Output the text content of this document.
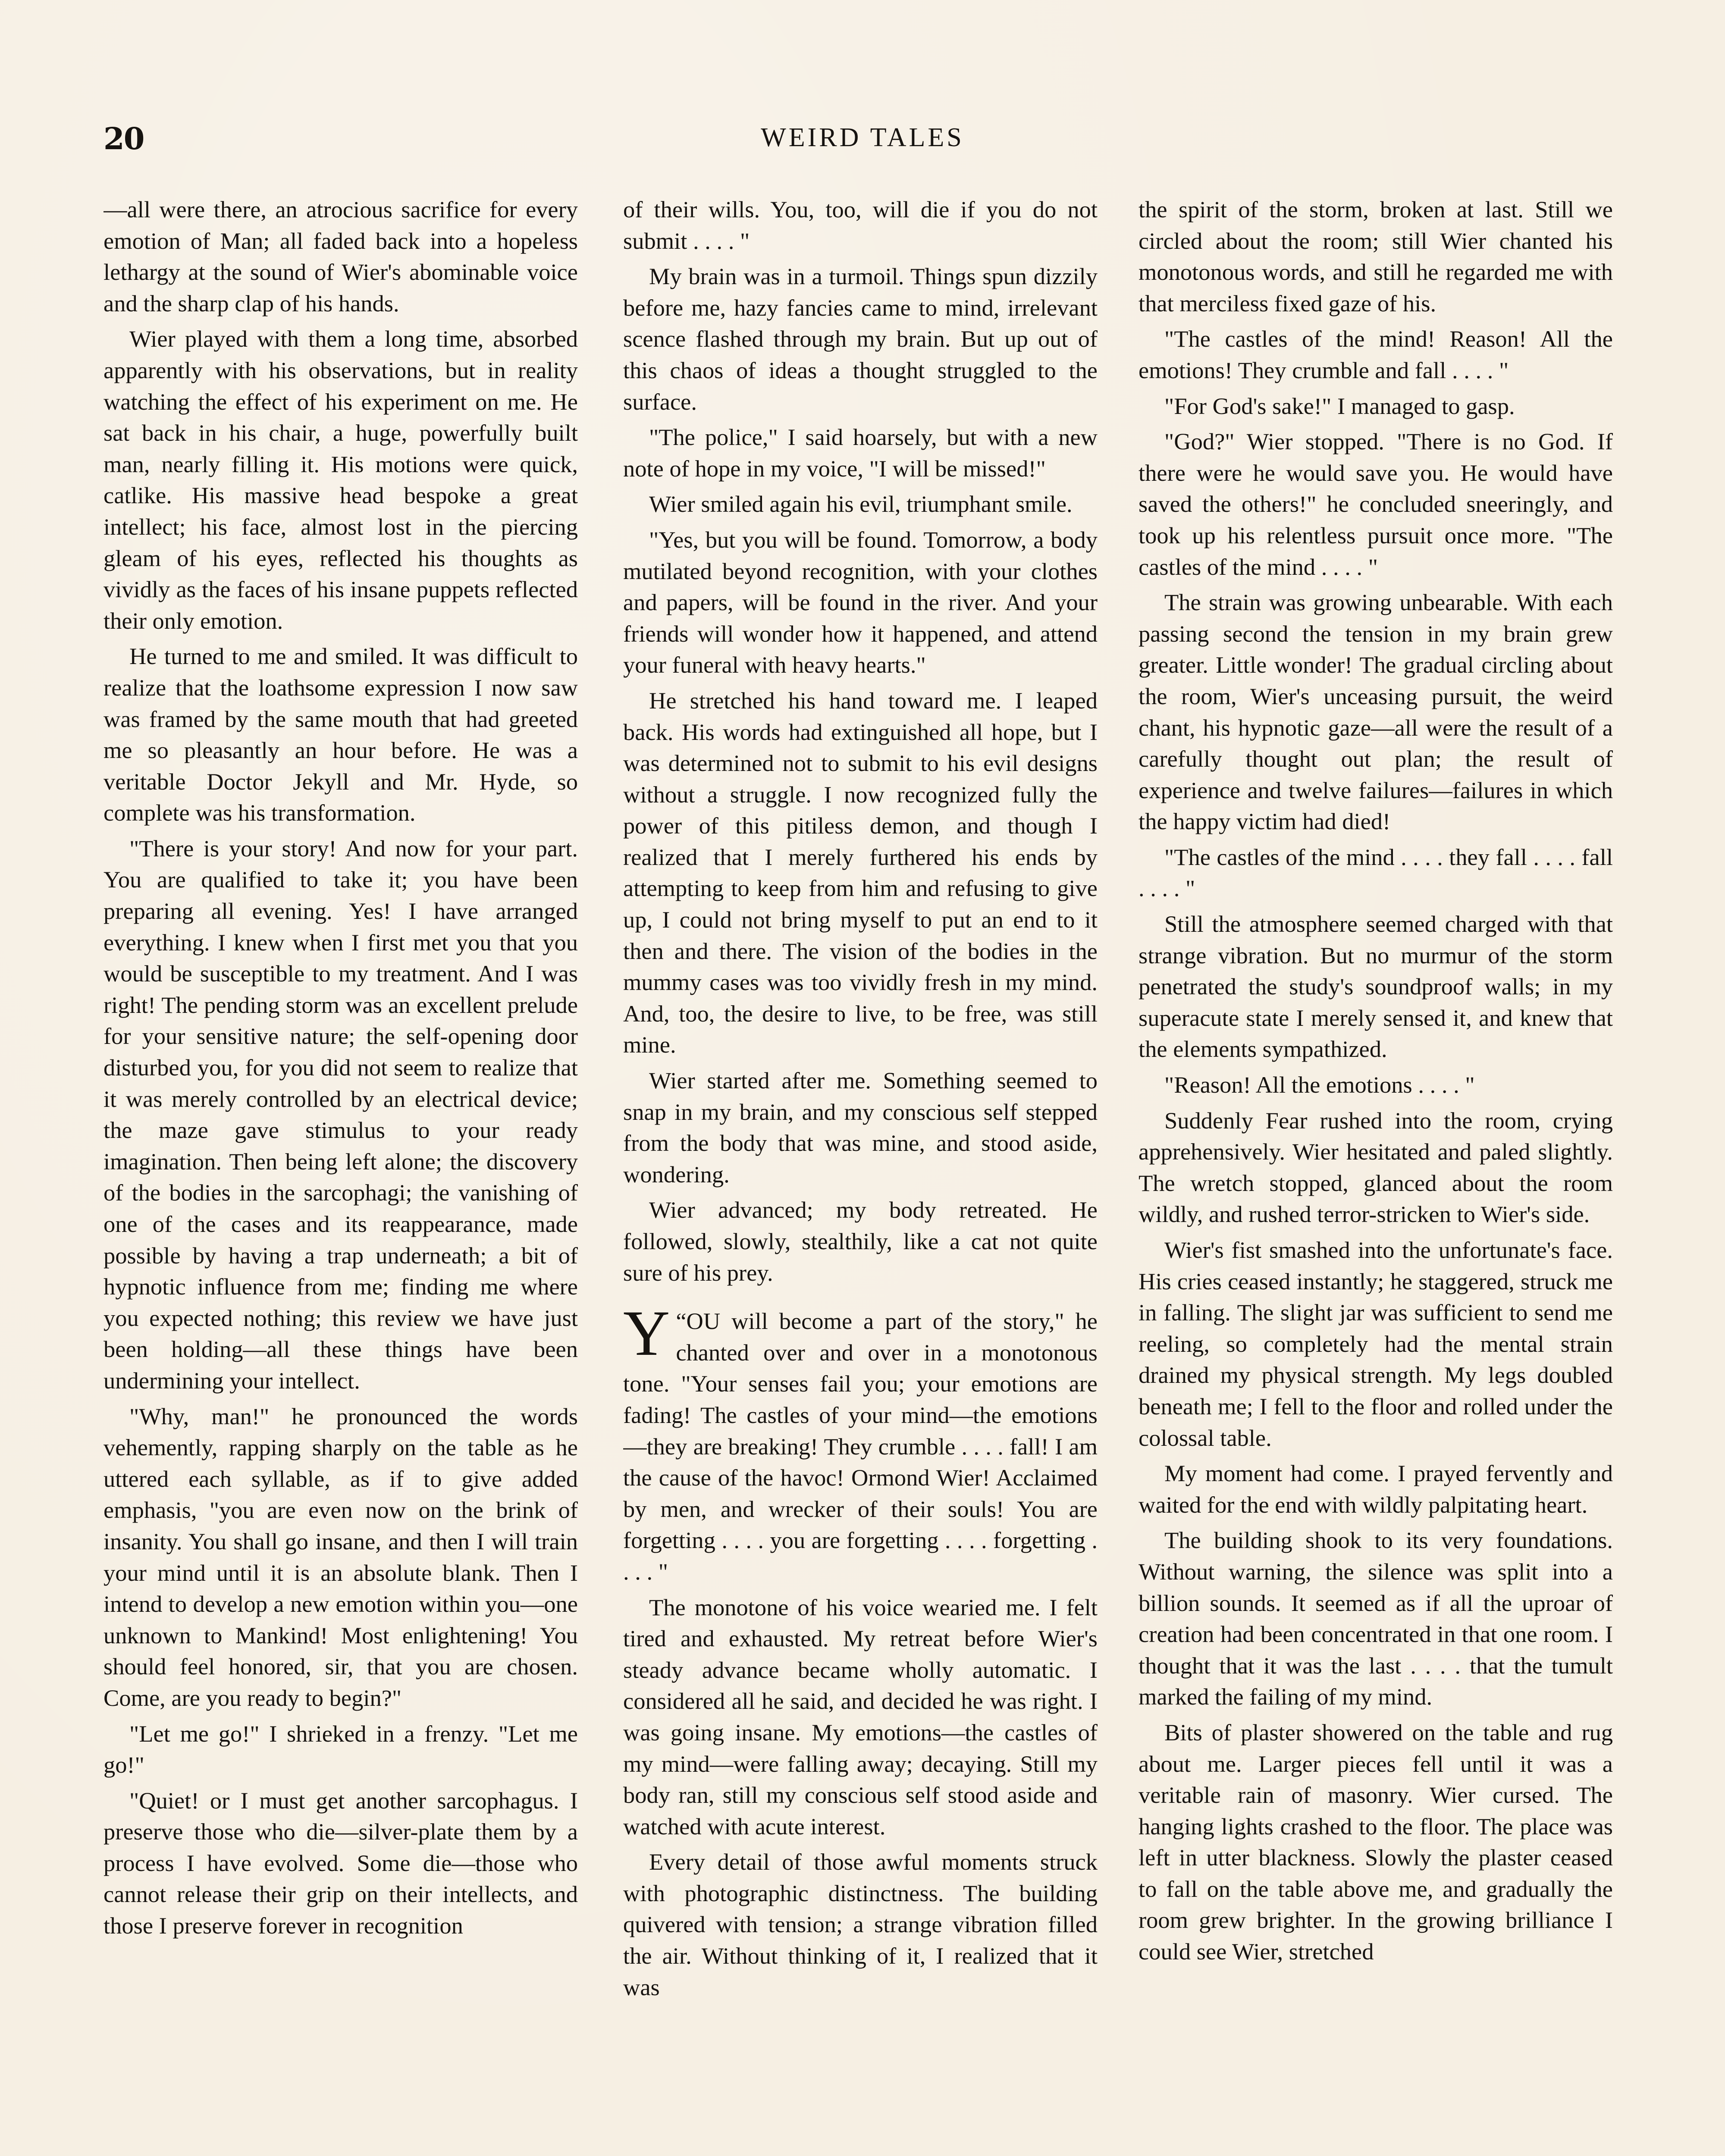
20	WEIRD TALES

—all were there, an atrocious sacrifice for every emotion of Man; all faded back into a hopeless lethargy at the sound of Wier's abominable voice and the sharp clap of his hands.

Wier played with them a long time, absorbed apparently with his observations, but in reality watching the effect of his experiment on me. He sat back in his chair, a huge, powerfully built man, nearly filling it. His motions were quick, catlike. His massive head bespoke a great intellect; his face, almost lost in the piercing gleam of his eyes, reflected his thoughts as vividly as the faces of his insane puppets reflected their only emotion.

He turned to me and smiled. It was difficult to realize that the loathsome expression I now saw was framed by the same mouth that had greeted me so pleasantly an hour before. He was a veritable Doctor Jekyll and Mr. Hyde, so complete was his transformation.

"There is your story! And now for your part. You are qualified to take it; you have been preparing all evening. Yes! I have arranged everything. I knew when I first met you that you would be susceptible to my treatment. And I was right! The pending storm was an excellent prelude for your sensitive nature; the self-opening door disturbed you, for you did not seem to realize that it was merely controlled by an electrical device; the maze gave stimulus to your ready imagination. Then being left alone; the discovery of the bodies in the sarcophagi; the vanishing of one of the cases and its reappearance, made possible by having a trap underneath; a bit of hypnotic influence from me; finding me where you expected nothing; this review we have just been holding—all these things have been undermining your intellect.

"Why, man!" he pronounced the words vehemently, rapping sharply on the table as he uttered each syllable, as if to give added emphasis, "you are even now on the brink of insanity. You shall go insane, and then I will train your mind until it is an absolute blank. Then I intend to develop a new emotion within you—one unknown to Mankind! Most enlightening! You should feel honored, sir, that you are chosen. Come, are you ready to begin?"

"Let me go!" I shrieked in a frenzy. "Let me go!"

"Quiet! or I must get another sarcophagus. I preserve those who die—silver-plate them by a process I have evolved. Some die—those who cannot release their grip on their intellects, and those I preserve forever in recognition

of their wills. You, too, will die if you do not submit . . . . "

My brain was in a turmoil. Things spun dizzily before me, hazy fancies came to mind, irrelevant scence flashed through my brain. But up out of this chaos of ideas a thought struggled to the surface.

"The police," I said hoarsely, but with a new note of hope in my voice, "I will be missed!"

Wier smiled again his evil, triumphant smile.

"Yes, but you will be found. Tomorrow, a body mutilated beyond recognition, with your clothes and papers, will be found in the river. And your friends will wonder how it happened, and attend your funeral with heavy hearts."

He stretched his hand toward me. I leaped back. His words had extinguished all hope, but I was determined not to submit to his evil designs without a struggle. I now recognized fully the power of this pitiless demon, and though I realized that I merely furthered his ends by attempting to keep from him and refusing to give up, I could not bring myself to put an end to it then and there. The vision of the bodies in the mummy cases was too vividly fresh in my mind. And, too, the desire to live, to be free, was still mine.

Wier started after me. Something seemed to snap in my brain, and my conscious self stepped from the body that was mine, and stood aside, wondering.

Wier advanced; my body retreated. He followed, slowly, stealthily, like a cat not quite sure of his prey.

“
Y OU will become a part of the story," he chanted over and over in a monotonous tone. "Your senses fail you; your emotions are fading! The castles of your mind—the emotions—they are breaking! They crumble . . . . fall! I am the cause of the havoc! Ormond Wier! Acclaimed by men, and wrecker of their souls! You are forgetting . . . . you are forgetting . . . . forgetting . . . . "

The monotone of his voice wearied me. I felt tired and exhausted. My retreat before Wier's steady advance became wholly automatic. I considered all he said, and decided he was right. I was going insane. My emotions—the castles of my mind—were falling away; decaying. Still my body ran, still my conscious self stood aside and watched with acute interest.

Every detail of those awful moments struck with photographic distinctness. The building quivered with tension; a strange vibration filled the air. Without thinking of it, I realized that it was

the spirit of the storm, broken at last. Still we circled about the room; still Wier chanted his monotonous words, and still he regarded me with that merciless fixed gaze of his.

"The castles of the mind! Reason! All the emotions! They crumble and fall . . . . "

"For God's sake!" I managed to gasp.

"God?" Wier stopped. "There is no God. If there were he would save you. He would have saved the others!" he concluded sneeringly, and took up his relentless pursuit once more. "The castles of the mind . . . . "

The strain was growing unbearable. With each passing second the tension in my brain grew greater. Little wonder! The gradual circling about the room, Wier's unceasing pursuit, the weird chant, his hypnotic gaze—all were the result of a carefully thought out plan; the result of experience and twelve failures—failures in which the happy victim had died!

"The castles of the mind . . . . they fall . . . . fall . . . . "

Still the atmosphere seemed charged with that strange vibration. But no murmur of the storm penetrated the study's soundproof walls; in my superacute state I merely sensed it, and knew that the elements sympathized.

"Reason! All the emotions . . . . "

Suddenly Fear rushed into the room, crying apprehensively. Wier hesitated and paled slightly. The wretch stopped, glanced about the room wildly, and rushed terror-stricken to Wier's side.

Wier's fist smashed into the unfortunate's face. His cries ceased instantly; he staggered, struck me in falling. The slight jar was sufficient to send me reeling, so completely had the mental strain drained my physical strength. My legs doubled beneath me; I fell to the floor and rolled under the colossal table.

My moment had come. I prayed fervently and waited for the end with wildly palpitating heart.

The building shook to its very foundations. Without warning, the silence was split into a billion sounds. It seemed as if all the uproar of creation had been concentrated in that one room. I thought that it was the last . . . . that the tumult marked the failing of my mind.

Bits of plaster showered on the table and rug about me. Larger pieces fell until it was a veritable rain of masonry. Wier cursed. The hanging lights crashed to the floor. The place was left in utter blackness. Slowly the plaster ceased to fall on the table above me, and gradually the room grew brighter. In the growing brilliance I could see Wier, stretched
